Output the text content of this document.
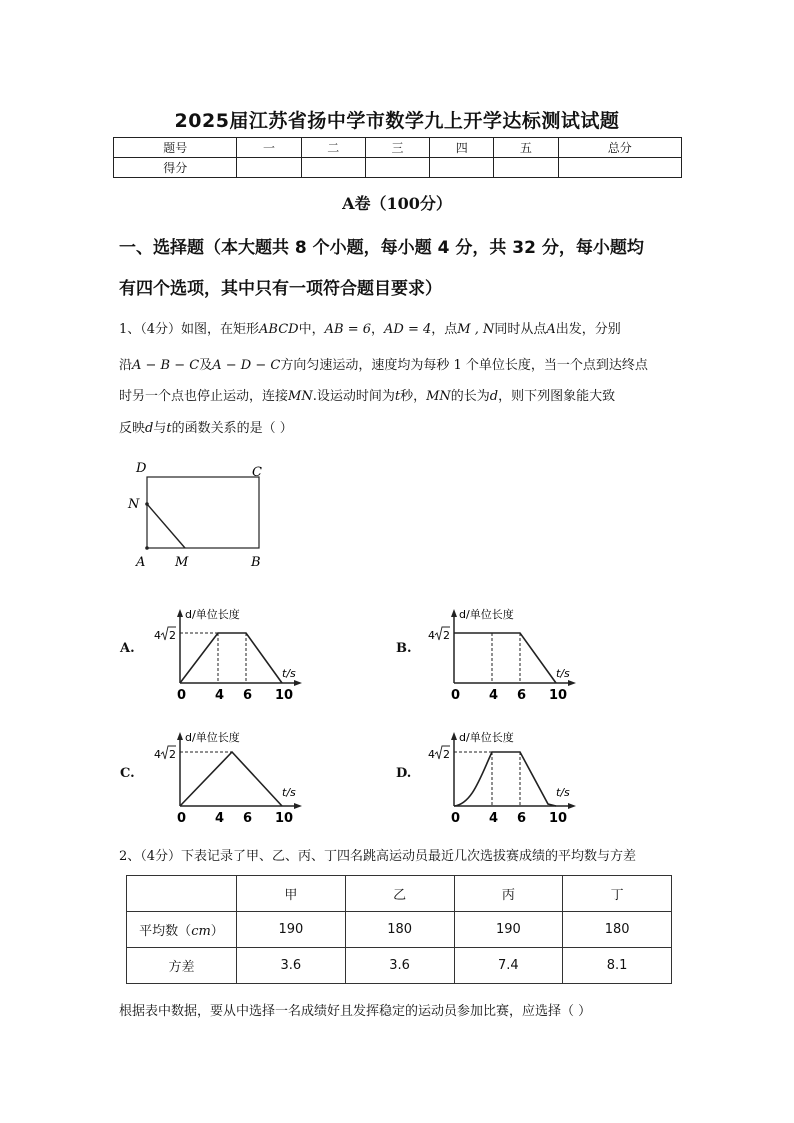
2025届江苏省扬中学市数学九上开学达标测试试题
题号	一	二	三	四	五	总分
得分						
A卷（100分）
一、选择题（本大题共 8 个小题，每小题 4 分，共 32 分，每小题均
有四个选项，其中只有一项符合题目要求）
1、（4分）如图，在矩形ABCD中，AB = 6，AD = 4，点M , N同时从点A出发，分别
沿A − B − C及A − D − C方向匀速运动，速度均为每秒 1 个单位长度，当一个点到达终点
时另一个点也停止运动，连接MN.设运动时间为t秒，MN的长为d，则下列图象能大致
反映d与t的函数关系的是（ ）
D	C
N
A M	B
A.	B.
C.	D.
d/单位长度
t/s
4 2
0 4 6 10
d/单位长度
t/s
4 2
0 4 6 10
d/单位长度
t/s
4 2
0 4 6 10
d/单位长度
t/s
4 2
0 4 6 10
2、（4分）下表记录了甲、乙、丙、丁四名跳高运动员最近几次选拔赛成绩的平均数与方差
	甲	乙	丙	丁
平均数（cm）	190	180	190	180
方差	3.6	3.6	7.4	8.1
根据表中数据，要从中选择一名成绩好且发挥稳定的运动员参加比赛，应选择（ ）
